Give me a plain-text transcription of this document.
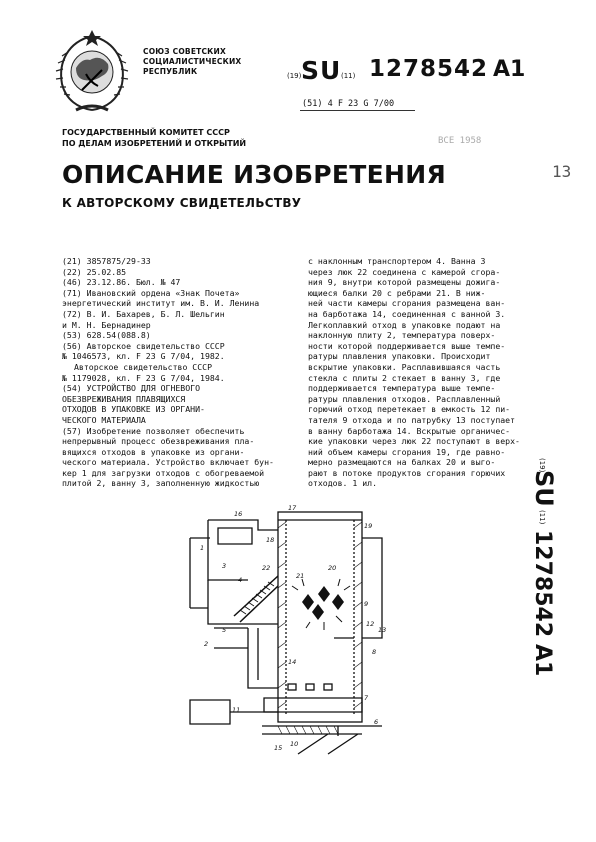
СОЮЗ СОВЕТСКИХ
СОЦИАЛИСТИЧЕСКИХ
РЕСПУБЛИК	(19) SU (11) 1278542 A1
(51) 4 F 23 G 7/00
ГОСУДАРСТВЕННЫЙ КОМИТЕТ СССР
ПО ДЕЛАМ ИЗОБРЕТЕНИЙ И ОТКРЫТИЙ	ВСЕ 1958
13
ОПИСАНИЕ ИЗОБРЕТЕНИЯ
К АВТОРСКОМУ СВИДЕТЕЛЬСТВУ
(21) 3857875/29-33
(22) 25.02.85
(46) 23.12.86. Бюл. № 47
(71) Ивановский ордена «Знак Почета»
энергетический институт им. В. И. Ленина
(72) В. И. Бахарев, Б. Л. Шельгин
и М. Н. Бернадинер
(53) 628.54(088.8)
(56) Авторское свидетельство СССР
№ 1046573, кл. F 23 G 7/04, 1982.
Авторское свидетельство СССР
№ 1179028, кл. F 23 G 7/04, 1984.
(54) УСТРОЙСТВО ДЛЯ ОГНЕВОГО
ОБЕЗВРЕЖИВАНИЯ ПЛАВЯЩИХСЯ
ОТХОДОВ В УПАКОВКЕ ИЗ ОРГАНИ-
ЧЕСКОГО МАТЕРИАЛА
(57) Изобретение позволяет обеспечить
непрерывный процесс обезвреживания пла-
вящихся отходов в упаковке из органи-
ческого материала. Устройство включает бун-
кер 1 для загрузки отходов с обогреваемой
плитой 2, ванну 3, заполненную жидкостью
с наклонным транспортером 4. Ванна 3
через люк 22 соединена с камерой сгора-
ния 9, внутри которой размещены дожига-
ющиеся балки 20 с ребрами 21. В ниж-
ней части камеры сгорания размещена ван-
на барботажа 14, соединенная с ванной 3.
Легкоплавкий отход в упаковке подают на
наклонную плиту 2, температура поверх-
ности которой поддерживается выше темпе-
ратуры плавления упаковки. Происходит
вскрытие упаковки. Расплавившаяся часть
стекла с плиты 2 стекает в ванну 3, где
поддерживается температура выше темпе-
ратуры плавления отходов. Расплавленный
горючий отход перетекает в емкость 12 пи-
тателя 9 отхода и по патрубку 13 поступает
в ванну барботажа 14. Вскрытые органичес-
кие упаковки через люк 22 поступают в верх-
ний объем камеры сгорания 19, где равно-
мерно размещаются на балках 20 и выго-
рают в потоке продуктов сгорания горючих
отходов. 1 ил.
(19)
SU
(11)
1278542
A1
16
17
1
18
3
4
22	20
21
19
5
14
8
9
12
13
7
6
2
11
10
15
